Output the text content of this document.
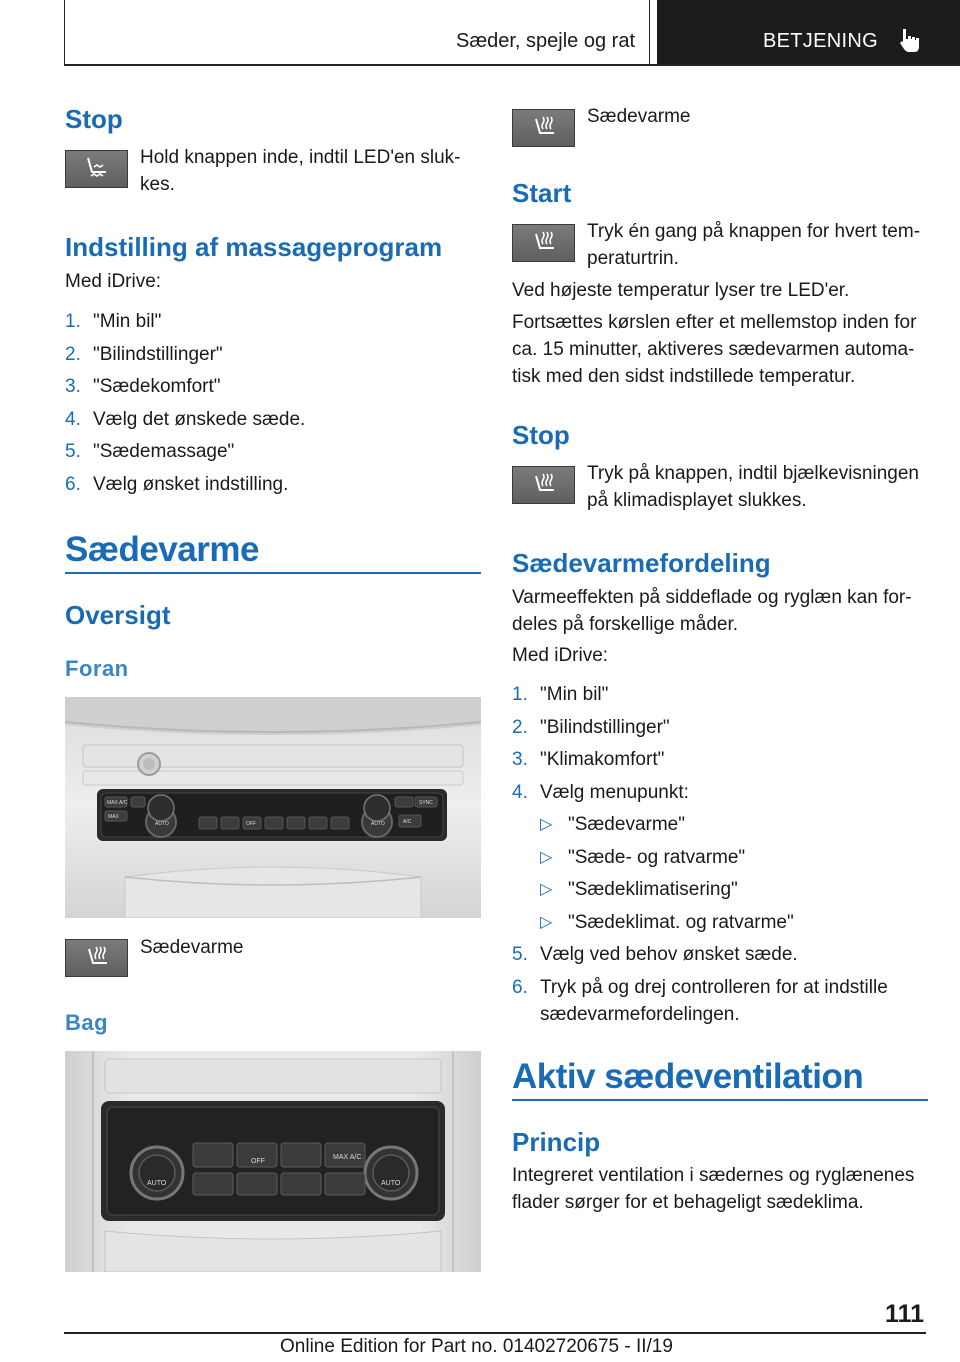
Sæder, spejle og rat	BETJENING
Stop
Hold knappen inde, indtil LED'en sluk-kes.
Indstilling af massageprogram
Med iDrive:
1. "Min bil"
2. "Bilindstillinger"
3. "Sædekomfort"
4. Vælg det ønskede sæde.
5. "Sædemassage"
6. Vælg ønsket indstilling.
Sædevarme
Oversigt
Foran
MAX A/C
MAX
AUTO	OFF	A/C
AUTO
SYNC
Sædevarme
Bag
AUTO
OFF
MAX A/C
AUTO
Sædevarme
Start
Tryk én gang på knappen for hvert tem-peraturtrin.
Ved højeste temperatur lyser tre LED'er.
Fortsættes kørslen efter et mellemstop inden for ca. 15 minutter, aktiveres sædevarmen automa-tisk med den sidst indstillede temperatur.
Stop
Tryk på knappen, indtil bjælkevisningen på klimadisplayet slukkes.
Sædevarmefordeling
Varmeeffekten på siddeflade og ryglæn kan for-deles på forskellige måder.
Med iDrive:
1. "Min bil"
2. "Bilindstillinger"
3. "Klimakomfort"
4. Vælg menupunkt:
▷ "Sædevarme"
▷ "Sæde- og ratvarme"
▷ "Sædeklimatisering"
▷ "Sædeklimat. og ratvarme"
5. Vælg ved behov ønsket sæde.
6. Tryk på og drej controlleren for at indstille sædevarmefordelingen.
Aktiv sædeventilation
Princip
Integreret ventilation i sædernes og ryglænenes flader sørger for et behageligt sædeklima.
111
Online Edition for Part no. 01402720675 - II/19
